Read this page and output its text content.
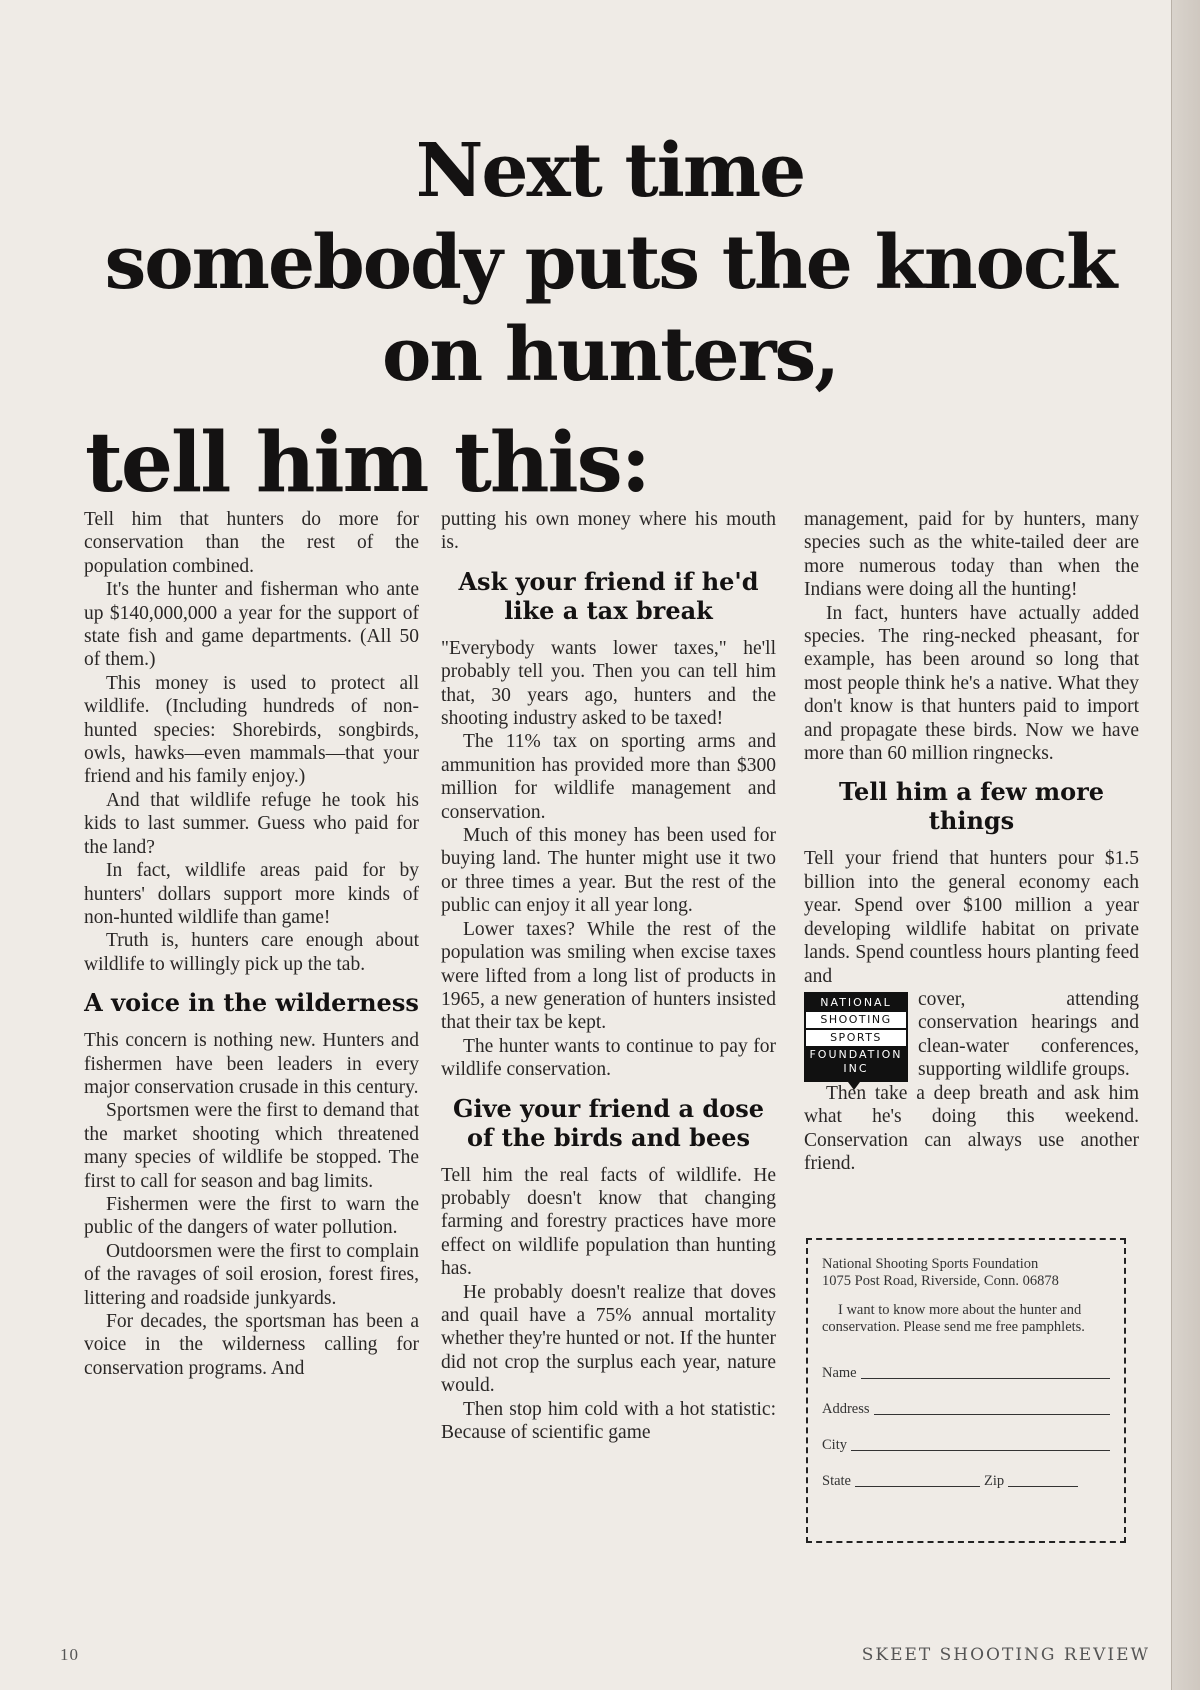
Next time
somebody puts the knock
on hunters,
tell him this:

Tell him that hunters do more for conservation than the rest of the population combined.

It's the hunter and fisherman who ante up $140,000,000 a year for the support of state fish and game departments. (All 50 of them.)

This money is used to protect all wildlife. (Including hundreds of non-hunted species: Shorebirds, songbirds, owls, hawks—even mammals—that your friend and his family enjoy.)

And that wildlife refuge he took his kids to last summer. Guess who paid for the land?

In fact, wildlife areas paid for by hunters' dollars support more kinds of non-hunted wildlife than game!

Truth is, hunters care enough about wildlife to willingly pick up the tab.

A voice in the wilderness

This concern is nothing new. Hunters and fishermen have been leaders in every major conservation crusade in this century.

Sportsmen were the first to demand that the market shooting which threatened many species of wildlife be stopped. The first to call for season and bag limits.

Fishermen were the first to warn the public of the dangers of water pollution.

Outdoorsmen were the first to complain of the ravages of soil erosion, forest fires, littering and roadside junkyards.

For decades, the sportsman has been a voice in the wilderness calling for conservation programs. And

putting his own money where his mouth is.

Ask your friend if he'd like a tax break

"Everybody wants lower taxes," he'll probably tell you. Then you can tell him that, 30 years ago, hunters and the shooting industry asked to be taxed!

The 11% tax on sporting arms and ammunition has provided more than $300 million for wildlife management and conservation.

Much of this money has been used for buying land. The hunter might use it two or three times a year. But the rest of the public can enjoy it all year long.

Lower taxes? While the rest of the population was smiling when excise taxes were lifted from a long list of products in 1965, a new generation of hunters insisted that their tax be kept.

The hunter wants to continue to pay for wildlife conservation.

Give your friend a dose of the birds and bees

Tell him the real facts of wildlife. He probably doesn't know that changing farming and forestry practices have more effect on wildlife population than hunting has.

He probably doesn't realize that doves and quail have a 75% annual mortality whether they're hunted or not. If the hunter did not crop the surplus each year, nature would.

Then stop him cold with a hot statistic: Because of scientific game

management, paid for by hunters, many species such as the white-tailed deer are more numerous today than when the Indians were doing all the hunting!

In fact, hunters have actually added species. The ring-necked pheasant, for example, has been around so long that most people think he's a native. What they don't know is that hunters paid to import and propagate these birds. Now we have more than 60 million ringnecks.

Tell him a few more things

Tell your friend that hunters pour $1.5 billion into the general economy each year. Spend over $100 million a year developing wildlife habitat on private lands. Spend countless hours planting feed and

NATIONAL
SHOOTING
SPORTS
FOUNDATION
INC

cover, attending conservation hearings and clean-water conferences, supporting wildlife groups.

Then take a deep breath and ask him what he's doing this weekend. Conservation can always use another friend.

National Shooting Sports Foundation

1075 Post Road, Riverside, Conn. 06878

I want to know more about the hunter and conservation. Please send me free pamphlets.

Name
Address
City
State	Zip
10	SKEET SHOOTING REVIEW
